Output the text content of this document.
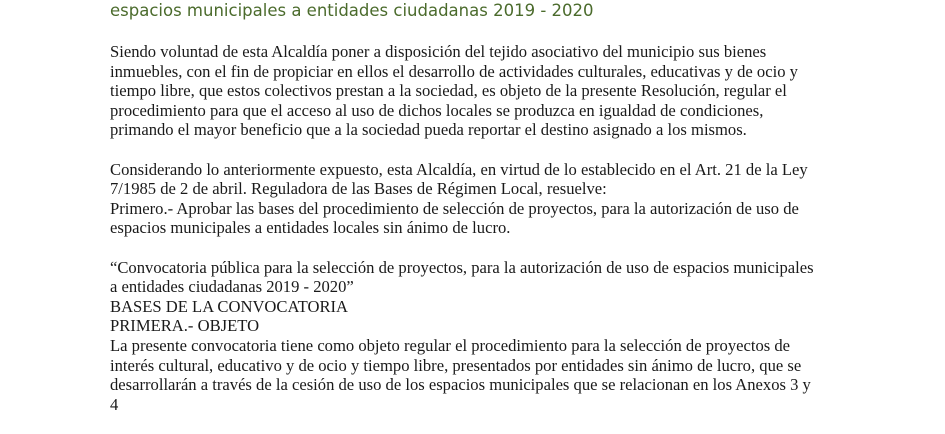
espacios municipales a entidades ciudadanas 2019 - 2020

Siendo voluntad de esta Alcaldía poner a disposición del tejido asociativo del municipio sus bienes
inmuebles, con el fin de propiciar en ellos el desarrollo de actividades culturales, educativas y de ocio y
tiempo libre, que estos colectivos prestan a la sociedad, es objeto de la presente Resolución, regular el
procedimiento para que el acceso al uso de dichos locales se produzca en igualdad de condiciones,
primando el mayor beneficio que a la sociedad pueda reportar el destino asignado a los mismos.

Considerando lo anteriormente expuesto, esta Alcaldía, en virtud de lo establecido en el Art. 21 de la Ley
7/1985 de 2 de abril. Reguladora de las Bases de Régimen Local, resuelve:
Primero.- Aprobar las bases del procedimiento de selección de proyectos, para la autorización de uso de
espacios municipales a entidades locales sin ánimo de lucro.

“Convocatoria pública para la selección de proyectos, para la autorización de uso de espacios municipales
a entidades ciudadanas 2019 - 2020”
BASES DE LA CONVOCATORIA
PRIMERA.- OBJETO
La presente convocatoria tiene como objeto regular el procedimiento para la selección de proyectos de
interés cultural, educativo y de ocio y tiempo libre, presentados por entidades sin ánimo de lucro, que se
desarrollarán a través de la cesión de uso de los espacios municipales que se relacionan en los Anexos 3 y
4
